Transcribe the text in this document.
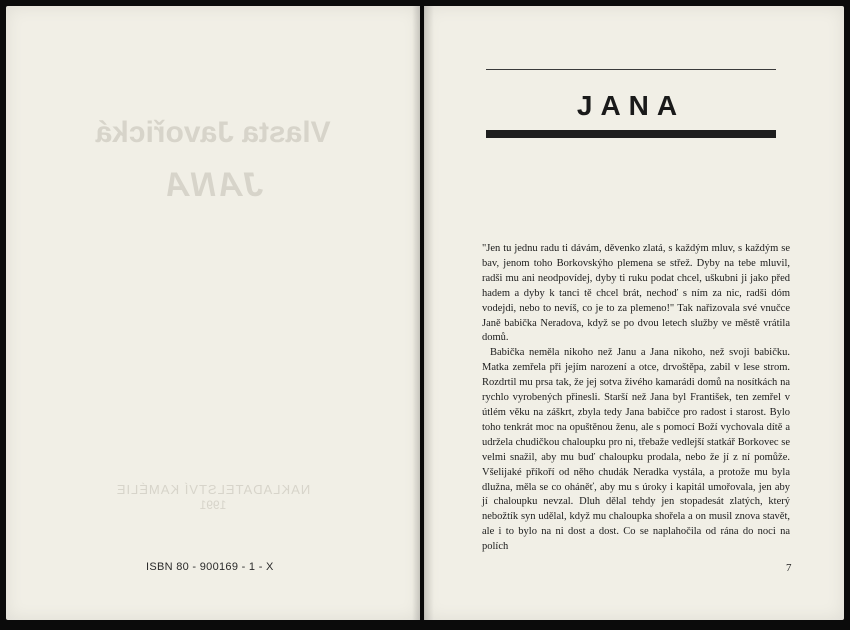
Vlasta Javořická
JANA
NAKLADATELSTVÍ KAMÉLIE
1991
ISBN 80 - 900169 - 1 - X
JANA

"Jen tu jednu radu ti dávám, děvenko zlatá, s každým mluv, s každým se bav, jenom toho Borkovskýho plemena se střež. Dyby na tebe mluvil, radši mu ani neodpovídej, dyby ti ruku podat chcel, uškubni ji jako před hadem a dyby k tanci tě chcel brát, nechoď s ním za nic, radši dóm vodejdi, nebo to nevíš, co je to za plemeno!" Tak nařizovala své vnučce Janě babička Neradova, když se po dvou letech služby ve městě vrátila domů.

Babička neměla nikoho než Janu a Jana nikoho, než svoji babičku. Matka zemřela při jejím narození a otce, drvoštěpa, zabil v lese strom. Rozdrtil mu prsa tak, že jej sotva živého kamarádi domů na nosítkách na rychlo vyrobených přinesli. Starší než Jana byl František, ten zemřel v útlém věku na záškrt, zbyla tedy Jana babičce pro radost i starost. Bylo toho tenkrát moc na opuštěnou ženu, ale s pomocí Boží vychovala dítě a udržela chudičkou chaloupku pro ni, třebaže vedlejší statkář Borkovec se velmi snažil, aby mu buď chaloupku prodala, nebo že jí z ní pomůže. Všelijaké příkoří od něho chudák Neradka vystála, a protože mu byla dlužna, měla se co oháněť, aby mu s úroky i kapitál umořovala, jen aby jí chaloupku nevzal. Dluh dělal tehdy jen stopadesát zlatých, který nebožtík syn udělal, když mu chaloupka shořela a on musil znova stavět, ale i to bylo na ni dost a dost. Co se naplahočila od rána do noci na polích

7
